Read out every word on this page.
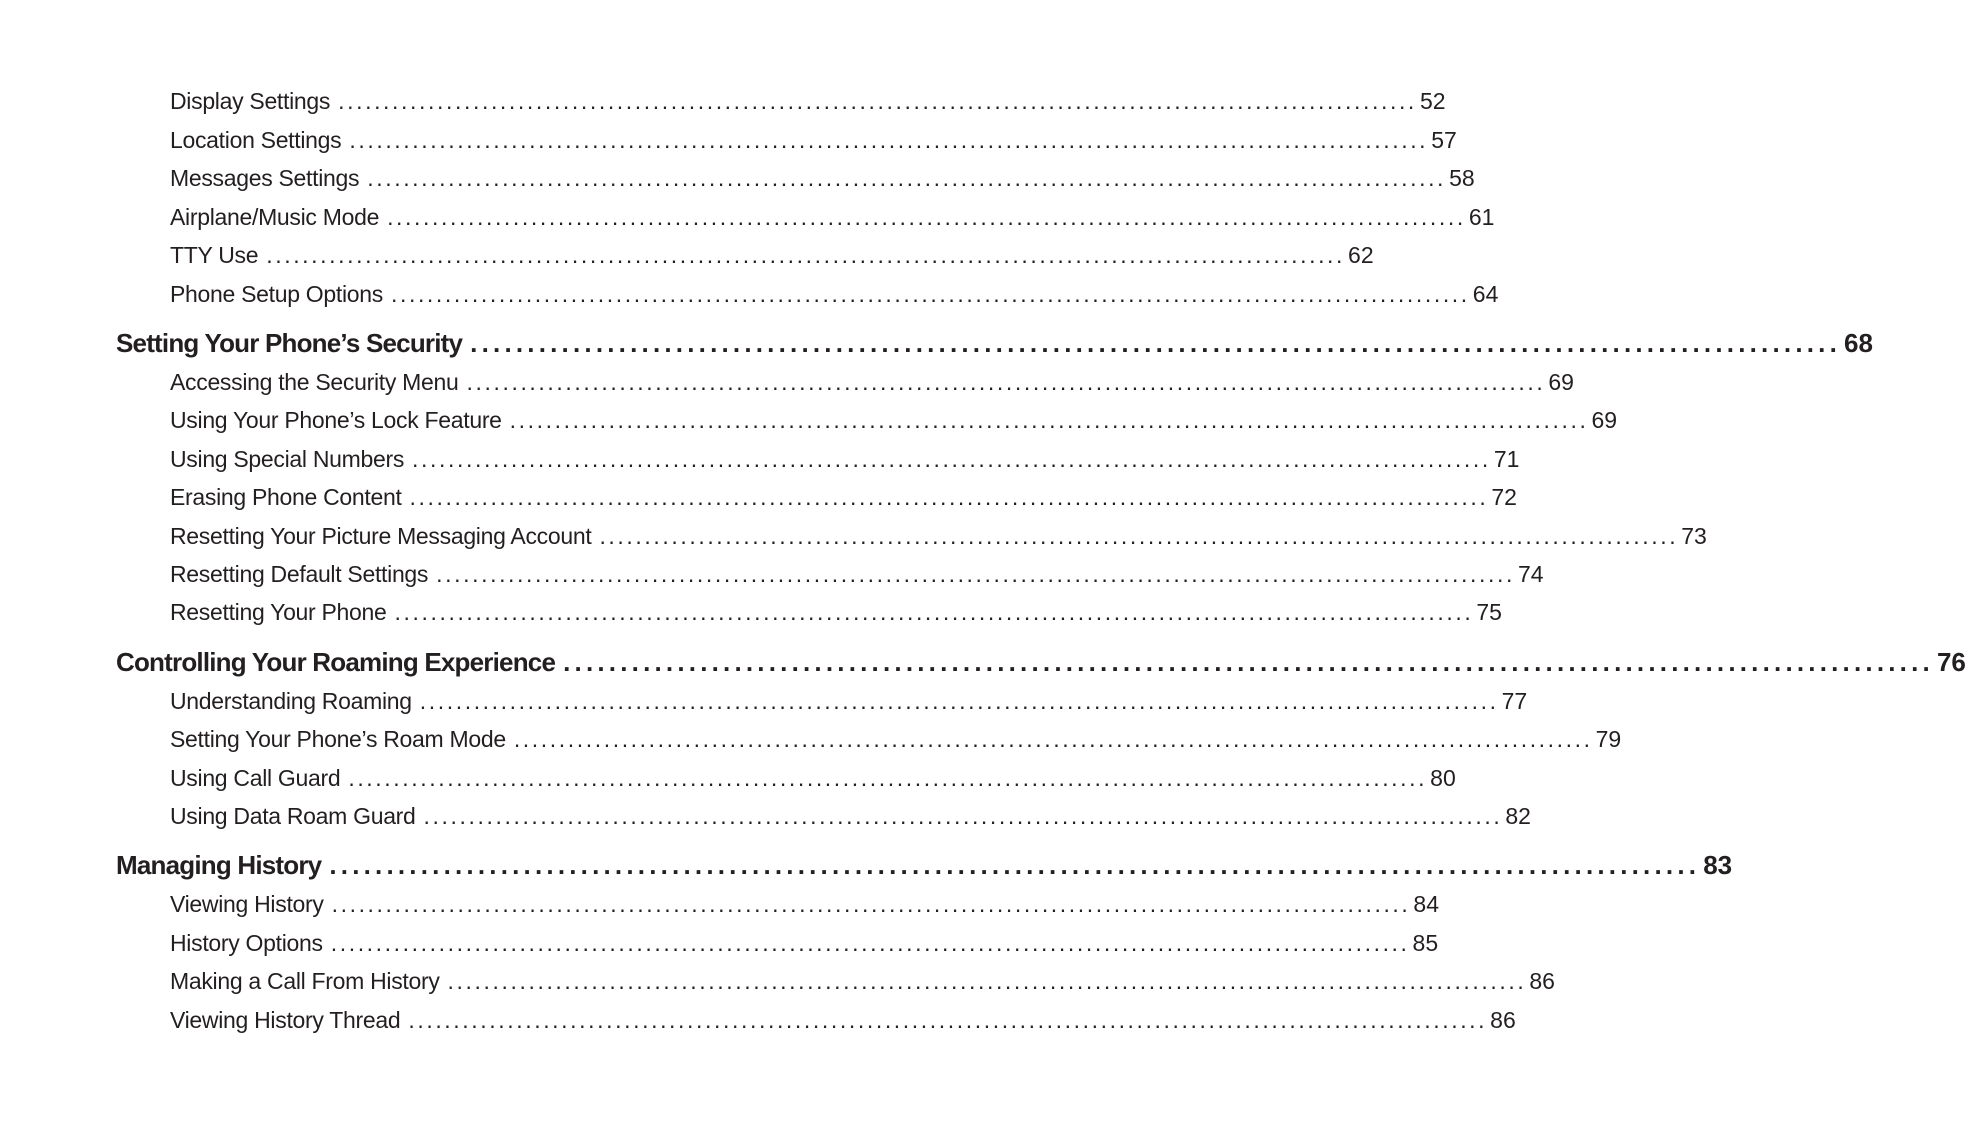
Display Settings ........................................................................................................................ 52
Location Settings ........................................................................................................................ 57
Messages Settings ........................................................................................................................ 58
Airplane/Music Mode ........................................................................................................................ 61
TTY Use ........................................................................................................................ 62
Phone Setup Options ........................................................................................................................ 64
Setting Your Phone’s Security ........................................................................................................................ 68
Accessing the Security Menu ........................................................................................................................ 69
Using Your Phone’s Lock Feature ........................................................................................................................ 69
Using Special Numbers ........................................................................................................................ 71
Erasing Phone Content ........................................................................................................................ 72
Resetting Your Picture Messaging Account ........................................................................................................................ 73
Resetting Default Settings ........................................................................................................................ 74
Resetting Your Phone ........................................................................................................................ 75
Controlling Your Roaming Experience ........................................................................................................................ 76
Understanding Roaming ........................................................................................................................ 77
Setting Your Phone’s Roam Mode ........................................................................................................................ 79
Using Call Guard ........................................................................................................................ 80
Using Data Roam Guard ........................................................................................................................ 82
Managing History ........................................................................................................................ 83
Viewing History ........................................................................................................................ 84
History Options ........................................................................................................................ 85
Making a Call From History ........................................................................................................................ 86
Viewing History Thread ........................................................................................................................ 86
